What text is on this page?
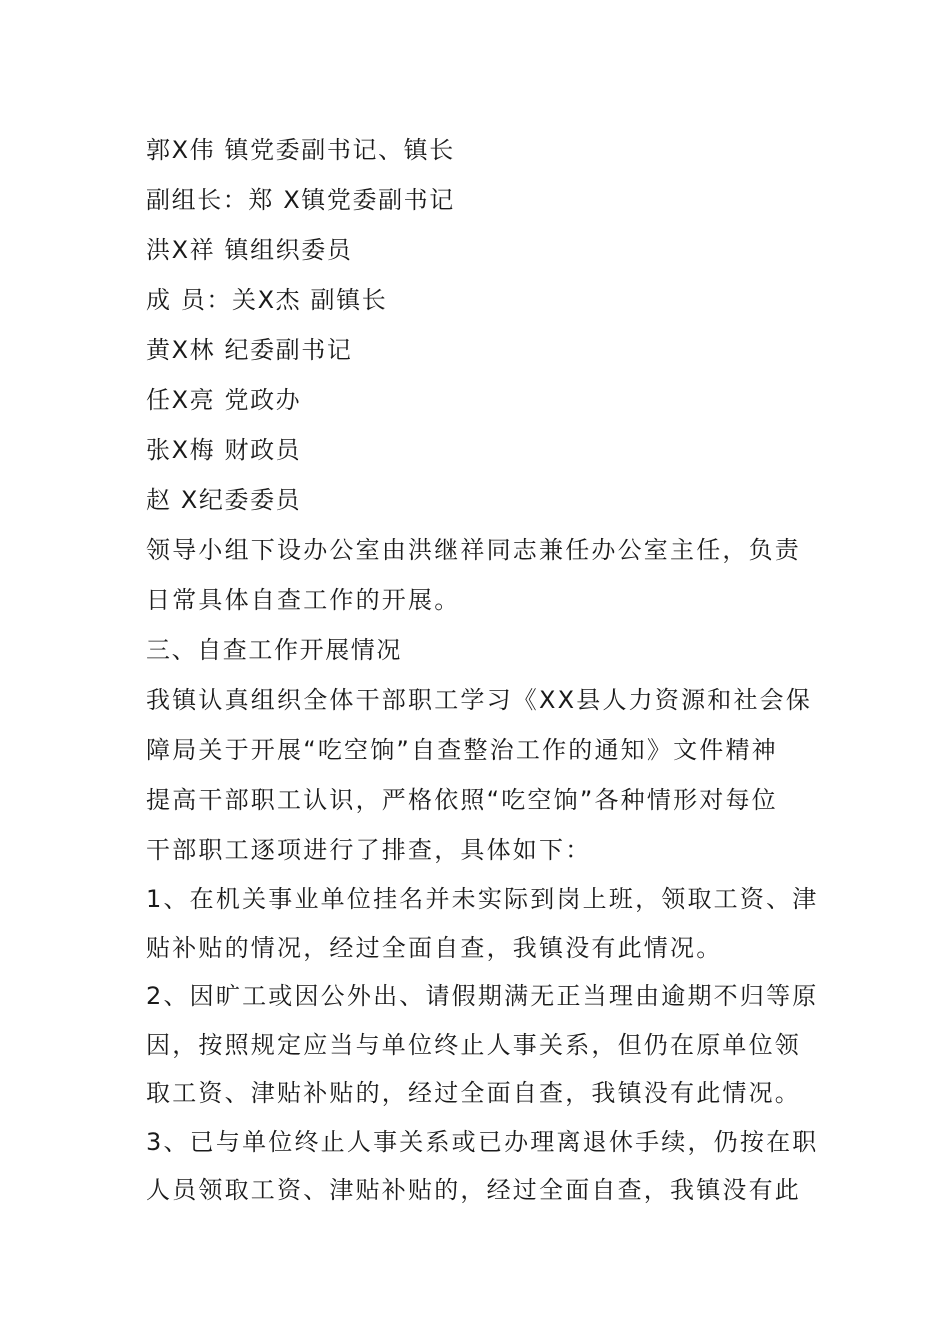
郭X伟 镇党委副书记、镇长
副组长：郑 X镇党委副书记
洪X祥 镇组织委员
成 员：关X杰 副镇长
黄X林 纪委副书记
任X亮 党政办
张X梅 财政员
赵 X纪委委员
领导小组下设办公室由洪继祥同志兼任办公室主任，负责
日常具体自查工作的开展。
三、自查工作开展情况
我镇认真组织全体干部职工学习《XX县人力资源和社会保
障局关于开展“吃空饷”自查整治工作的通知》文件精神
提高干部职工认识，严格依照“吃空饷”各种情形对每位
干部职工逐项进行了排查，具体如下：
1、在机关事业单位挂名并未实际到岗上班，领取工资、津
贴补贴的情况，经过全面自查，我镇没有此情况。
2、因旷工或因公外出、请假期满无正当理由逾期不归等原
因，按照规定应当与单位终止人事关系，但仍在原单位领
取工资、津贴补贴的，经过全面自查，我镇没有此情况。
3、已与单位终止人事关系或已办理离退休手续，仍按在职
人员领取工资、津贴补贴的，经过全面自查，我镇没有此
